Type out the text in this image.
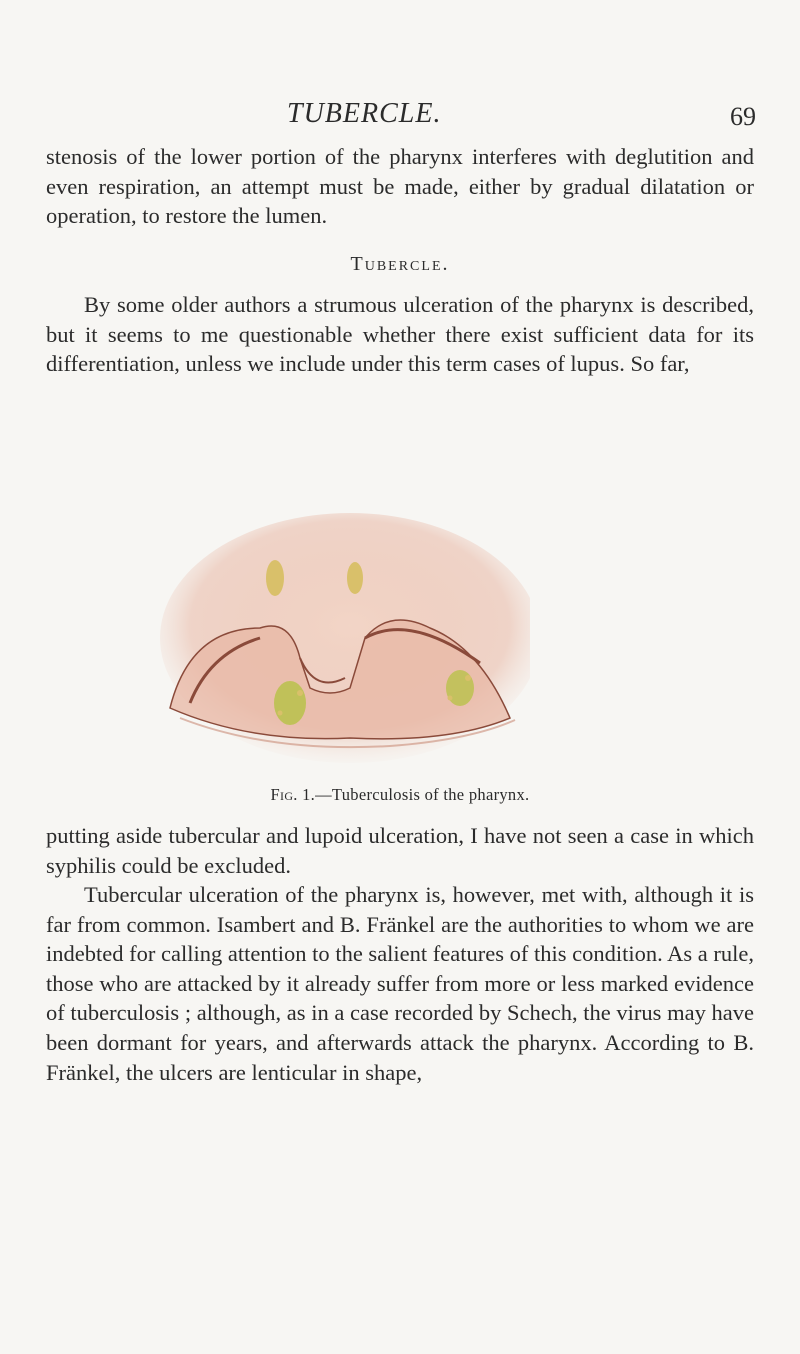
TUBERCLE.	69

stenosis of the lower portion of the pharynx interferes with deglutition and even respiration, an attempt must be made, either by gradual dilatation or operation, to restore the lumen.

Tubercle.

By some older authors a strumous ulceration of the pharynx is described, but it seems to me questionable whether there exist sufficient data for its differentiation, unless we include under this term cases of lupus. So far,

Fig. 1.—Tuberculosis of the pharynx.

putting aside tubercular and lupoid ulceration, I have not seen a case in which syphilis could be excluded.

Tubercular ulceration of the pharynx is, however, met with, although it is far from common. Isambert and B. Fränkel are the authorities to whom we are indebted for calling attention to the salient features of this condition. As a rule, those who are attacked by it already suffer from more or less marked evidence of tuberculosis ; although, as in a case recorded by Schech, the virus may have been dormant for years, and afterwards attack the pharynx. According to B. Fränkel, the ulcers are lenticular in shape,
